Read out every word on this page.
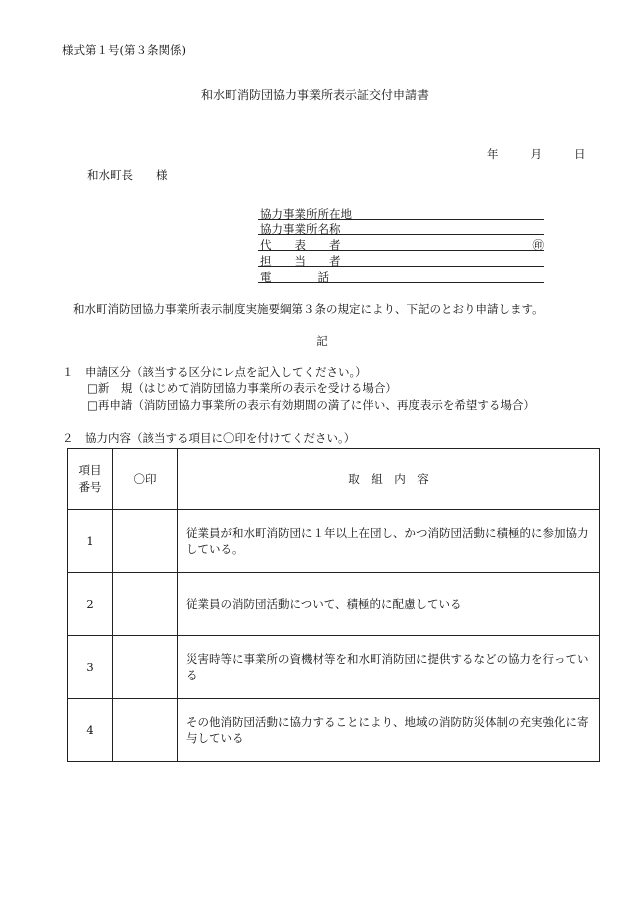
様式第１号(第３条関係)
和水町消防団協力事業所表示証交付申請書
年	月	日
和水町長　　様
協力事業所所在地
協力事業所名称
代　　表　　者	㊞
担　　当　　者
電　　　　話
和水町消防団協力事業所表示制度実施要綱第３条の規定により、下記のとおり申請します。
記
１　申請区分（該当する区分にレ点を記入してください。）
□新　規（はじめて消防団協力事業所の表示を受ける場合）
□再申請（消防団協力事業所の表示有効期間の満了に伴い、再度表示を希望する場合）
２　協力内容（該当する項目に〇印を付けてください。）
項目
番号	〇印	取　組　内　容
1		従業員が和水町消防団に１年以上在団し、かつ消防団活動に積極的に参加協力している。
2		従業員の消防団活動について、積極的に配慮している
3		災害時等に事業所の資機材等を和水町消防団に提供するなどの協力を行っている
4		その他消防団活動に協力することにより、地域の消防防災体制の充実強化に寄与している
